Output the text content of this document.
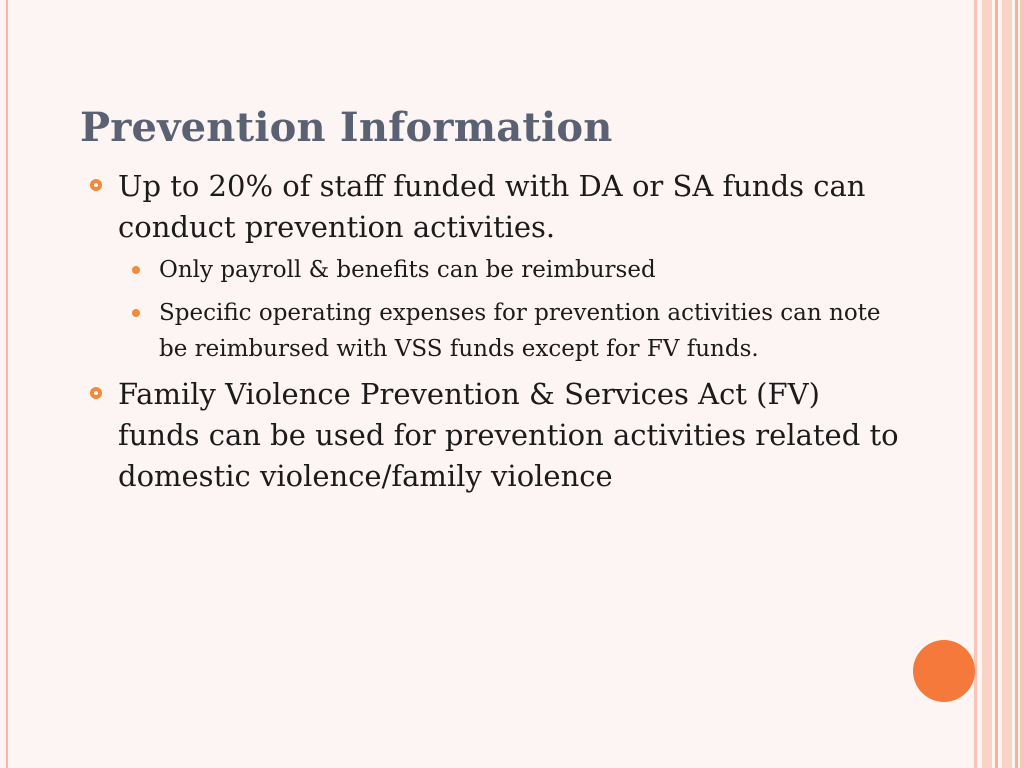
Prevention Information
Up to 20% of staff funded with DA or SA funds can conduct prevention activities.
Only payroll & benefits can be reimbursed
Specific operating expenses for prevention activities can note be reimbursed with VSS funds except for FV funds.
Family Violence Prevention & Services Act (FV) funds can be used for prevention activities related to domestic violence/family violence
